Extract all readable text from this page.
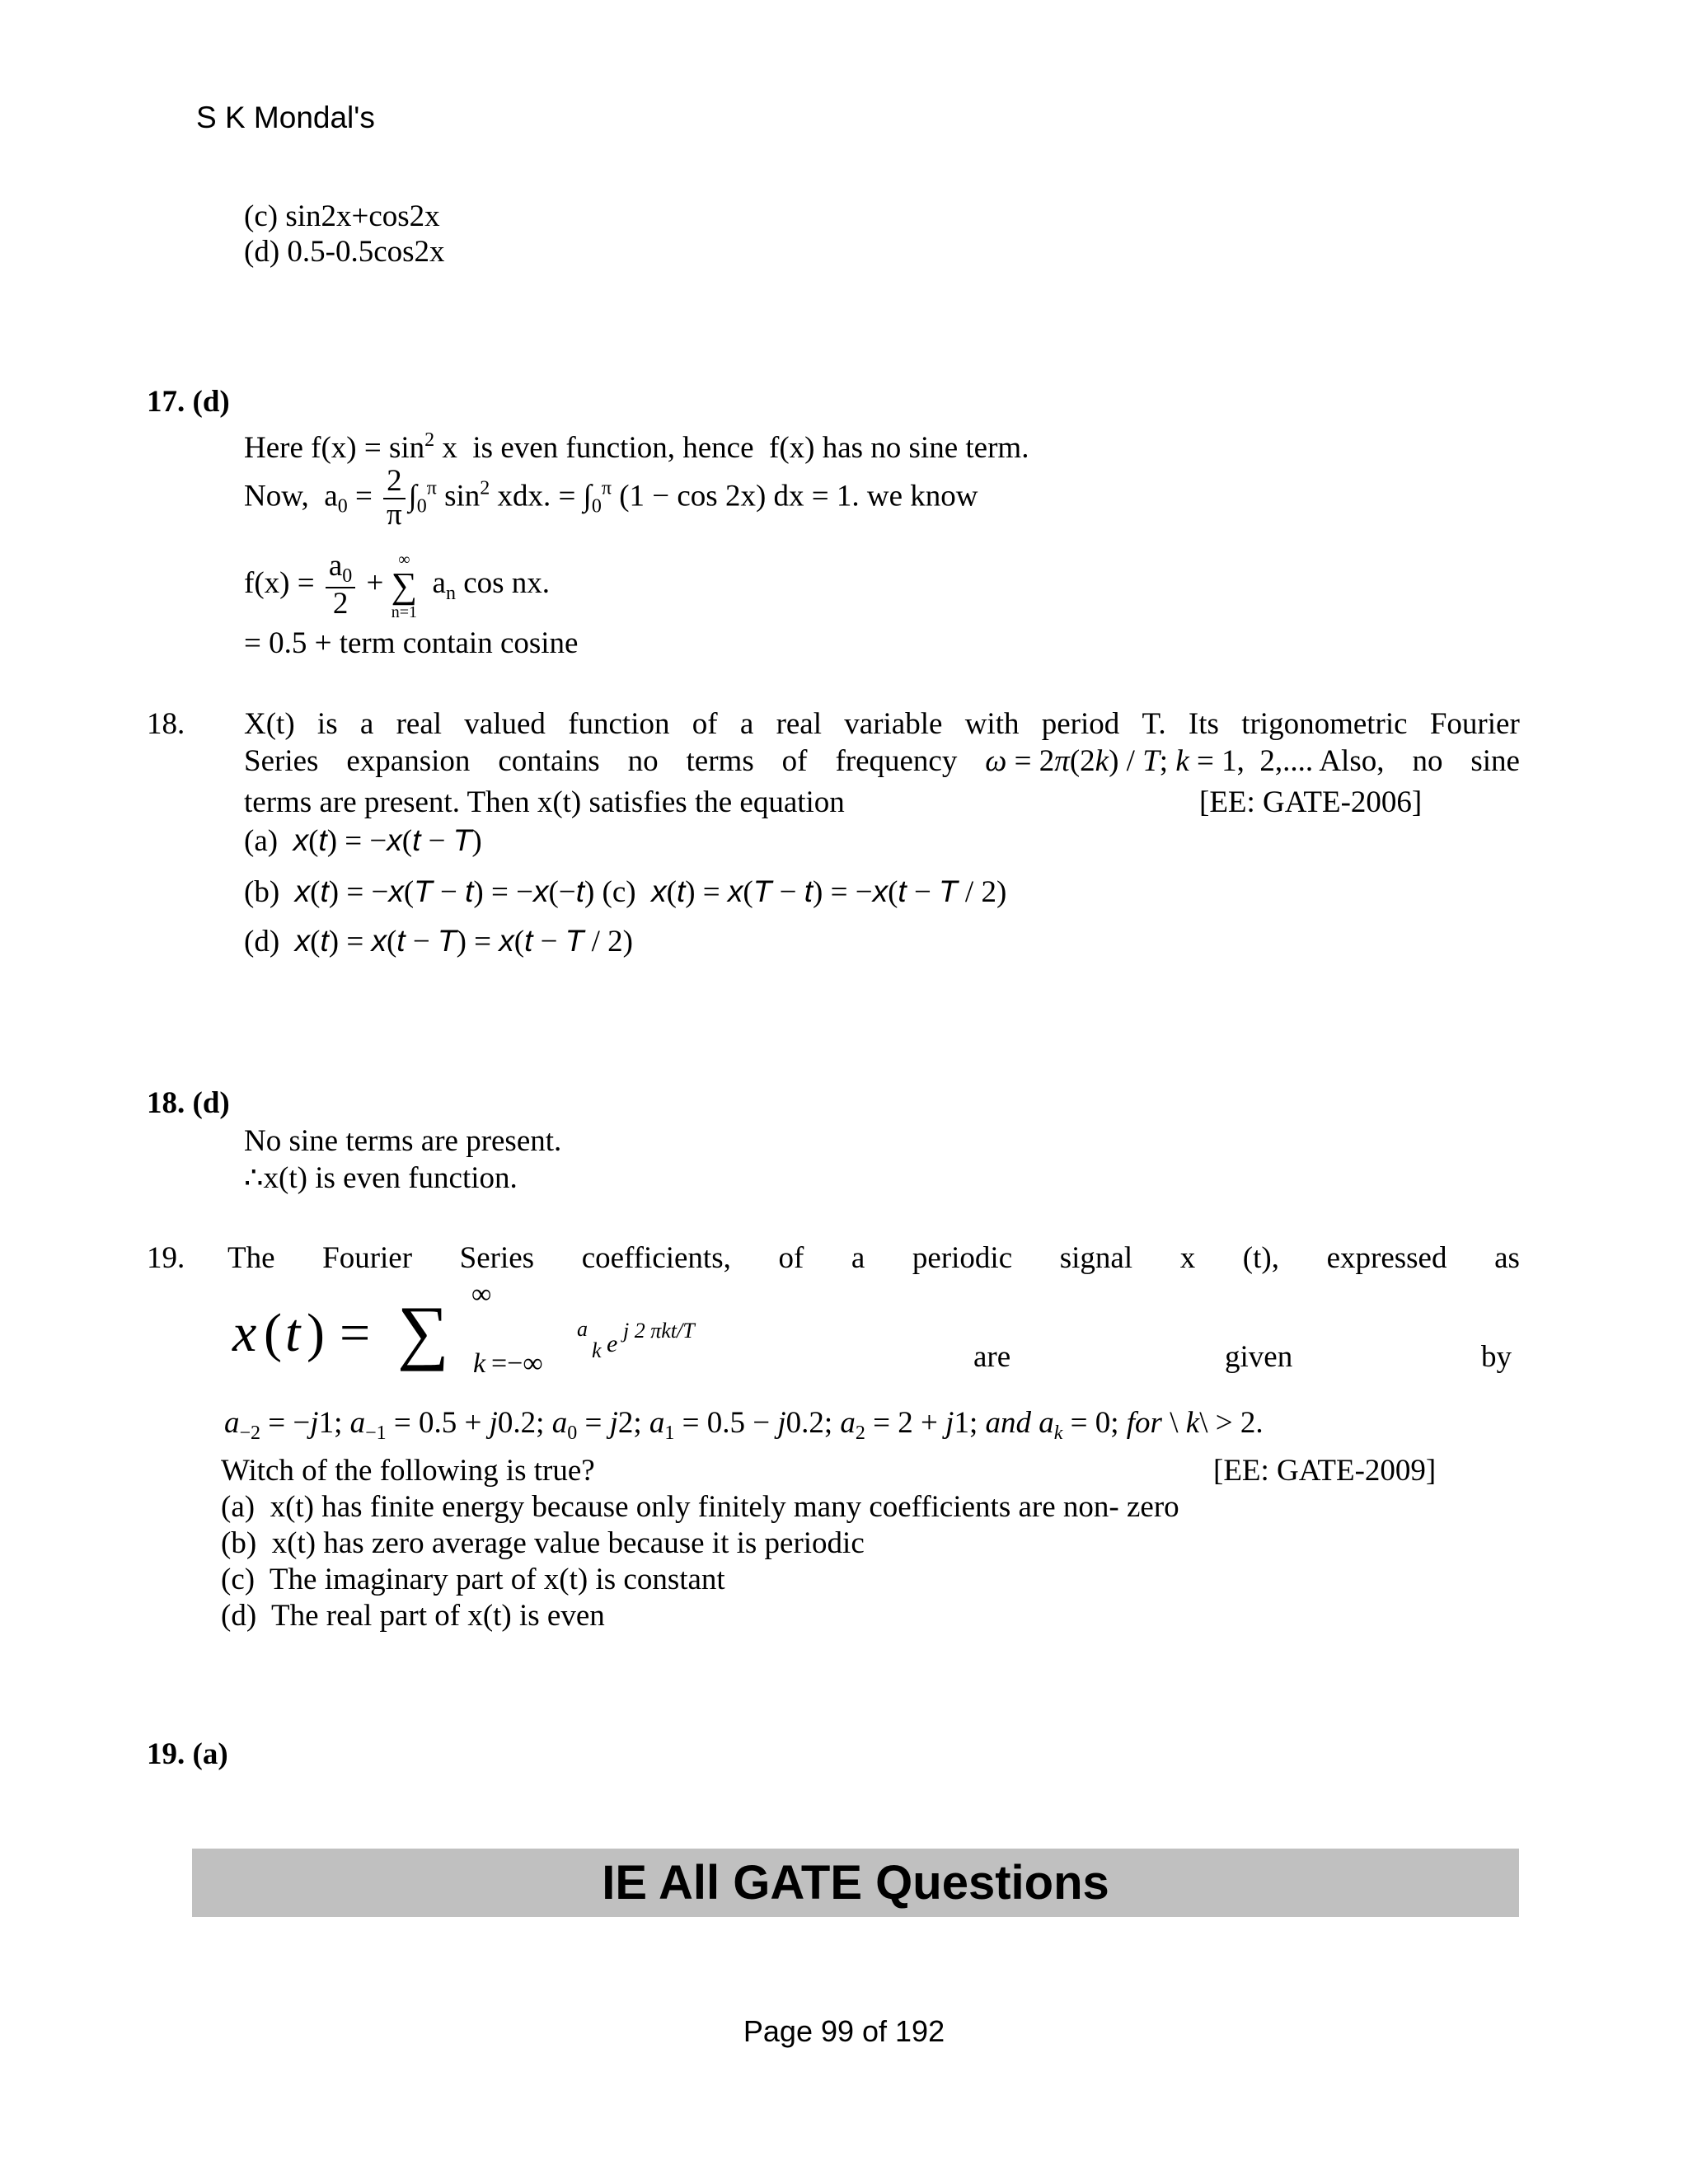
S K Mondal's
(c) sin2x+cos2x
(d) 0.5-0.5cos2x
17. (d)
Here $f(x) = \sin^2 x$  is even function, hence  f(x) has no sine term.
Now,  $a_0 = \frac{2}{\pi} \int_0^\pi$ $\sin^2$ xdx. = $\int_0^\pi$ (1 − cos 2x) dx = 1. we know
$f(x) = \frac{a_0}{2}$ +
∞
∑
n=1
$a_n$ cos nx.
= 0.5 + term contain cosine
18. X(t) is a real valued function of a real variable with period T. Its trigonometric Fourier
Series expansion contains no terms of frequency ω = 2π(2k) / T; k = 1,  2,.... Also, no sine
terms are present. Then x(t) satisfies the equation	[EE: GATE-2006]
(a)  x(t) = −x(t − T)
(b)  x(t) = −x(T − t) = −x(−t) (c)  x(t) = x(T − t) = −x(t − T / 2)
(d)  x(t) = x(t − T) = x(t − T / 2)
18. (d)
No sine terms are present.
∴x(t) is even function.
19. The Fourier Series coefficients, of a periodic signal x (t), expressed as
x ( t ) = ∑ ∞
k =−∞
a
k e j 2 πkt/T
are	given	by
$a_{-2} = -j1$; $a_{-1} = 0.5 + j0.2$; $a_0 = j2$; $a_1 = 0.5 - j0.2$; $a_2 = 2 + j1$; and $a_k = 0$; for \ k\ > 2.
Witch of the following is true?	[EE: GATE-2009]
(a) x(t) has finite energy because only finitely many coefficients are non- zero
(b) x(t) has zero average value because it is periodic
(c) The imaginary part of x(t) is constant
(d) The real part of x(t) is even
19. (a)
IE All GATE Questions
Page 99 of 192
